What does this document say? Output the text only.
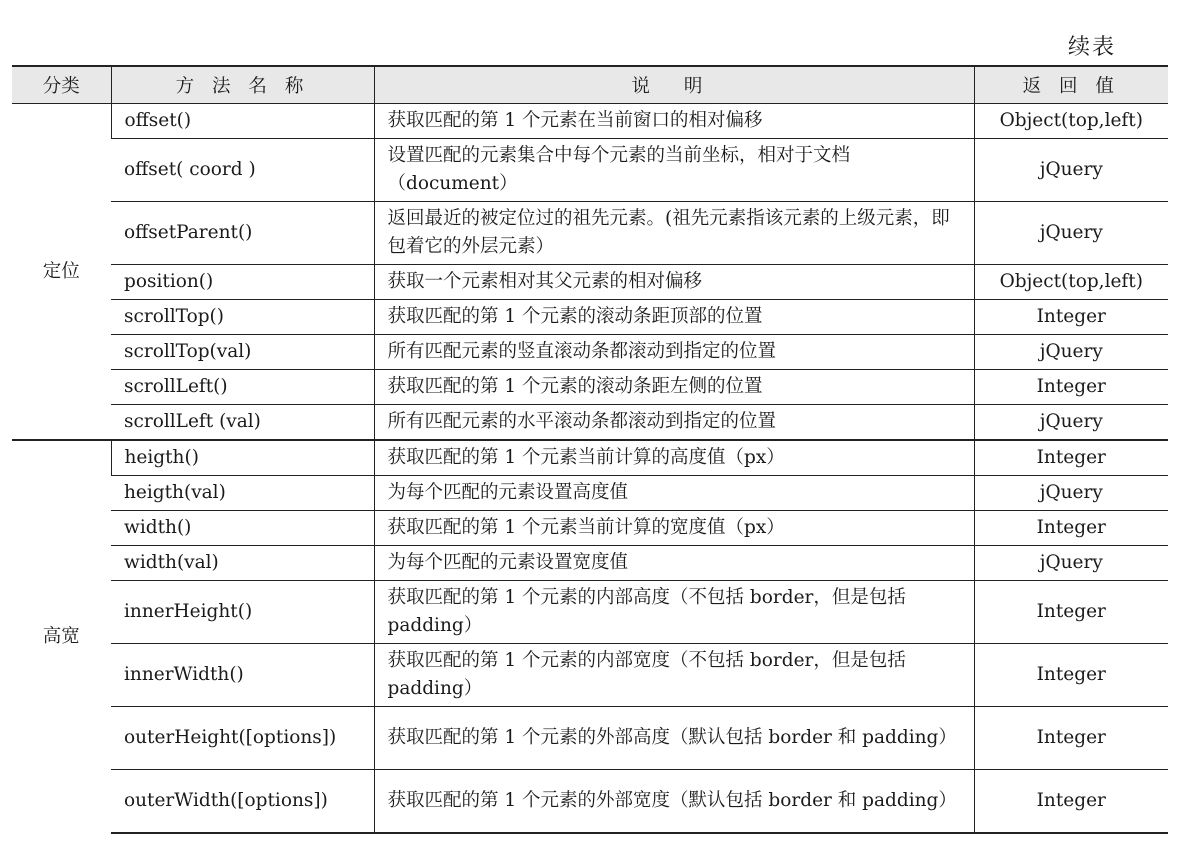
续表
分类	方 法 名 称	说 明	返 回 值
定位	offset()	获取匹配的第 1 个元素在当前窗口的相对偏移	Object(top,left)
	offset( coord )	设置匹配的元素集合中每个元素的当前坐标，相对于文档（document）	jQuery
	offsetParent()	返回最近的被定位过的祖先元素。(祖先元素指该元素的上级元素，即包着它的外层元素）	jQuery
	position()	获取一个元素相对其父元素的相对偏移	Object(top,left)
	scrollTop()	获取匹配的第 1 个元素的滚动条距顶部的位置	Integer
	scrollTop(val)	所有匹配元素的竖直滚动条都滚动到指定的位置	jQuery
	scrollLeft()	获取匹配的第 1 个元素的滚动条距左侧的位置	Integer
	scrollLeft (val)	所有匹配元素的水平滚动条都滚动到指定的位置	jQuery
高宽	heigth()	获取匹配的第 1 个元素当前计算的高度值（px）	Integer
	heigth(val)	为每个匹配的元素设置高度值	jQuery
	width()	获取匹配的第 1 个元素当前计算的宽度值（px）	Integer
	width(val)	为每个匹配的元素设置宽度值	jQuery
	innerHeight()	获取匹配的第 1 个元素的内部高度（不包括 border，但是包括 padding）	Integer
	innerWidth()	获取匹配的第 1 个元素的内部宽度（不包括 border，但是包括 padding）	Integer
	outerHeight([options])	获取匹配的第 1 个元素的外部高度（默认包括 border 和 padding）	Integer
	outerWidth([options])	获取匹配的第 1 个元素的外部宽度（默认包括 border 和 padding）	Integer
